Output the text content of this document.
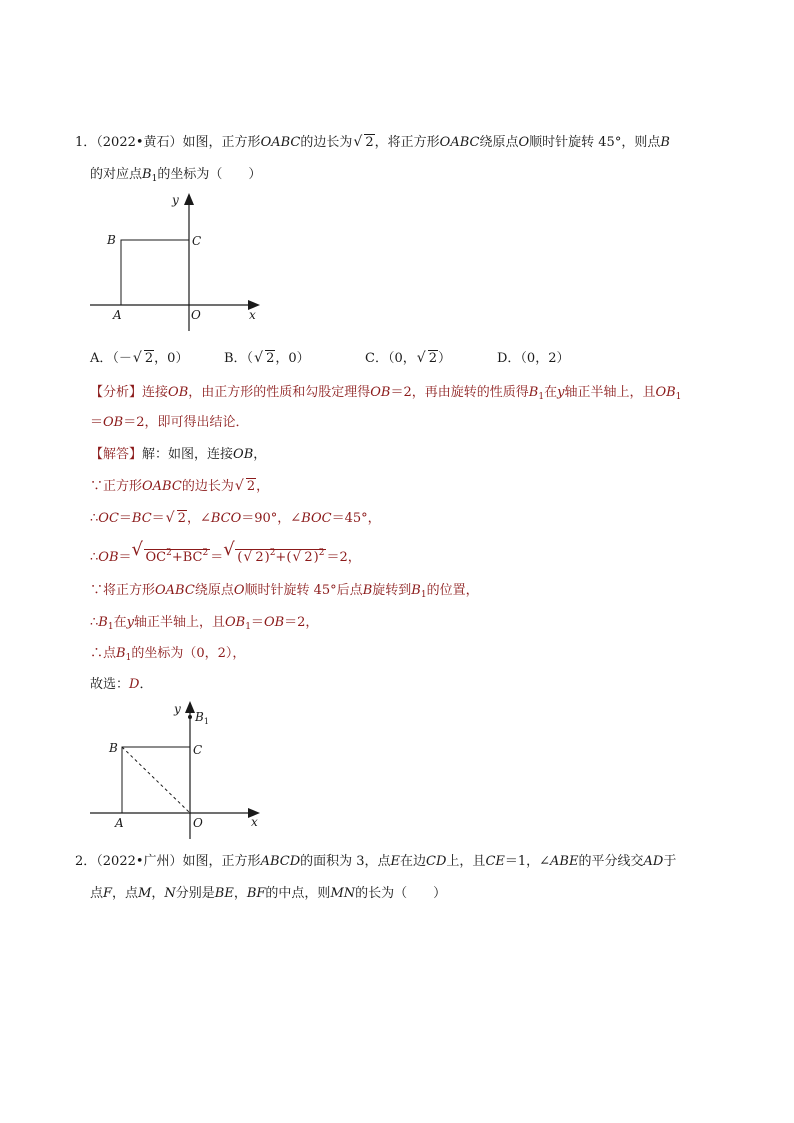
1．（2022•黄石）如图，正方形OABC的边长为 √ 2，将正方形OABC绕原点O顺时针旋转 45°，则点B
的对应点$B_1$的坐标为（　　）
y
B	C
A	O	x
A．（－ √ 2，0）	B．（ √ 2，0）	C．（0， √ 2）	D．（0，2）
【分析】连接OB，由正方形的性质和勾股定理得OB＝2，再由旋转的性质得$B_1$在y轴正半轴上，且$OB_1$
＝OB＝2，即可得出结论．
【解答】解：如图，连接OB，
∵正方形OABC的边长为 √ 2，
∴OC＝BC＝ √ 2，∠BCO＝90°，∠BOC＝45°，
∴OB＝ √ $OC^2+BC^2$ ＝ √ ( √ 2)$^2$+( √ 2)$^2$ ＝2，
∵将正方形OABC绕原点O顺时针旋转 45°后点B旋转到$B_1$的位置，
$\therefore B_1$在y轴正半轴上，且$OB_1=OB=2$，
∴点$B_1$的坐标为（0，2），
故选：D．
y
$B_1$
B	C
A	O	x
2．（2022•广州）如图，正方形ABCD的面积为 3，点E在边CD上，且CE＝1，∠ABE的平分线交AD于
点F，点M，N分别是BE，BF的中点，则MN的长为（　　）
